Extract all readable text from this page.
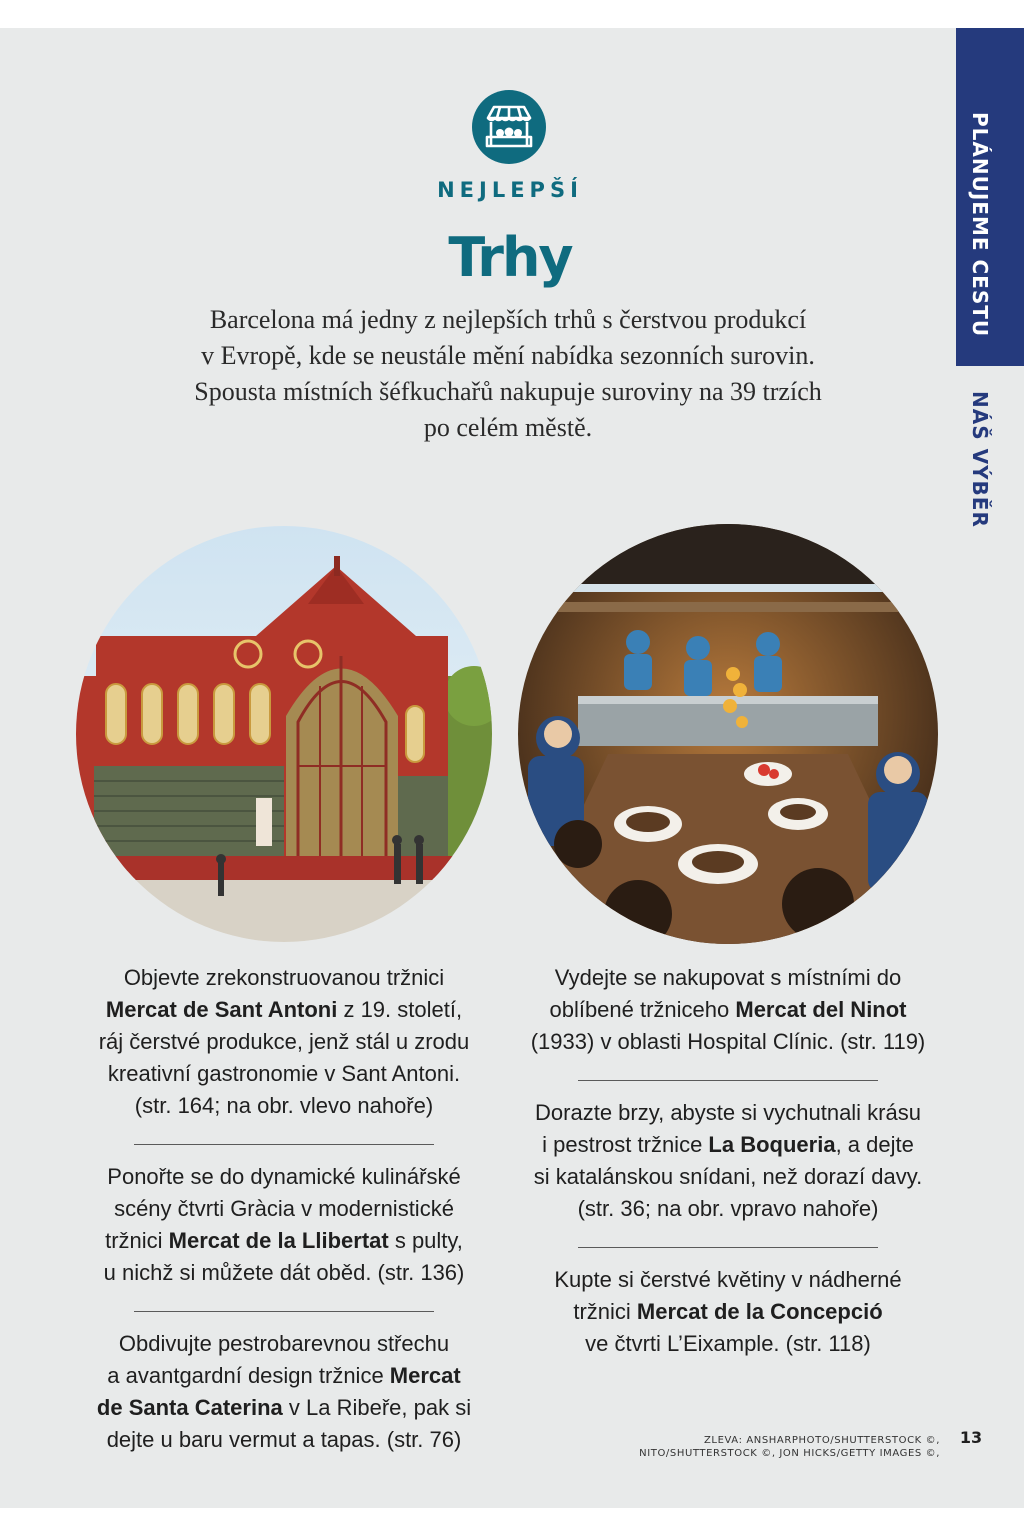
PLÁNUJEME CESTU
NÁŠ VÝBĚR
NEJLEPŠÍ
Trhy
Barcelona má jedny z nejlepších trhů s čerstvou produkcí
v Evropě, kde se neustále mění nabídka sezonních surovin.
Spousta místních šéfkuchařů nakupuje suroviny na 39 trzích
po celém městě.
Objevte zrekonstruovanou tržnici
Mercat de Sant Antoni z 19. století,
ráj čerstvé produkce, jenž stál u zrodu
kreativní gastronomie v Sant Antoni.
(str. 164; na obr. vlevo nahoře)
Ponořte se do dynamické kulinářské
scény čtvrti Gràcia v modernistické
tržnici Mercat de la Llibertat s pulty,
u nichž si můžete dát oběd. (str. 136)
Obdivujte pestrobarevnou střechu
a avantgardní design tržnice Mercat
de Santa Caterina v La Ribeře, pak si
dejte u baru vermut a tapas. (str. 76)
Vydejte se nakupovat s místními do
oblíbené tržniceho Mercat del Ninot
(1933) v oblasti Hospital Clínic. (str. 119)
Dorazte brzy, abyste si vychutnali krásu
i pestrost tržnice La Boqueria, a dejte
si katalánskou snídani, než dorazí davy.
(str. 36; na obr. vpravo nahoře)
Kupte si čerstvé květiny v nádherné
tržnici Mercat de la Concepció
ve čtvrti L’Eixample. (str. 118)
ZLEVA: ANSHARPHOTO/SHUTTERSTOCK ©,
NITO/SHUTTERSTOCK ©, JON HICKS/GETTY IMAGES ©,
13
